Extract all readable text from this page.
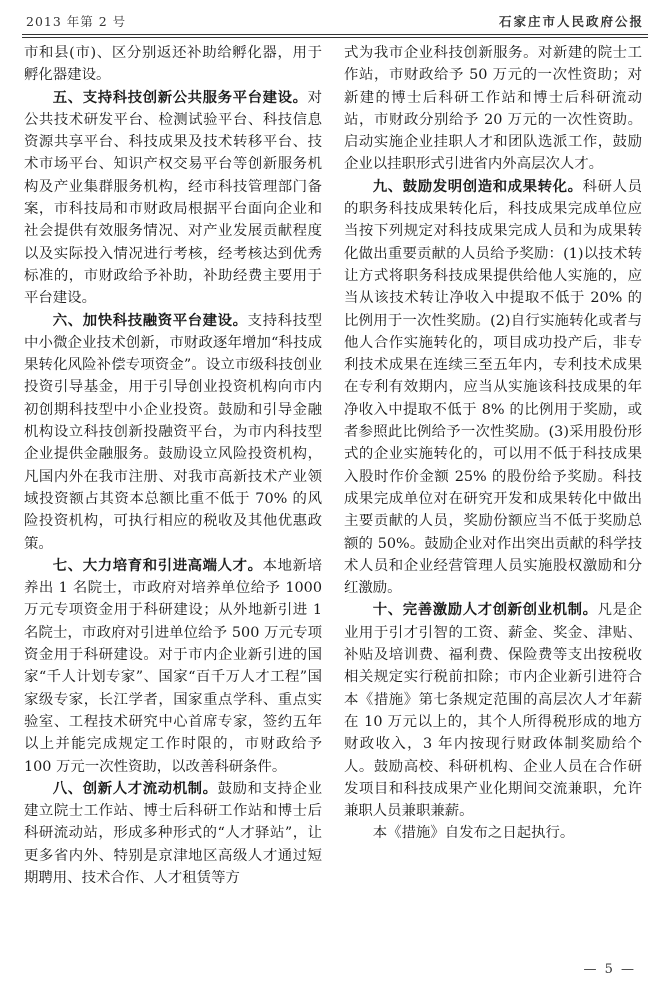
2013 年第 2 号	石家庄市人民政府公报

市和县(市)、区分别返还补助给孵化器，用于孵化器建设。

五、支持科技创新公共服务平台建设。对公共技术研发平台、检测试验平台、科技信息资源共享平台、科技成果及技术转移平台、技术市场平台、知识产权交易平台等创新服务机构及产业集群服务机构，经市科技管理部门备案，市科技局和市财政局根据平台面向企业和社会提供有效服务情况、对产业发展贡献程度以及实际投入情况进行考核，经考核达到优秀标准的，市财政给予补助，补助经费主要用于平台建设。

六、加快科技融资平台建设。支持科技型中小微企业技术创新，市财政逐年增加“科技成果转化风险补偿专项资金”。设立市级科技创业投资引导基金，用于引导创业投资机构向市内初创期科技型中小企业投资。鼓励和引导金融机构设立科技创新投融资平台，为市内科技型企业提供金融服务。鼓励设立风险投资机构，凡国内外在我市注册、对我市高新技术产业领域投资额占其资本总额比重不低于 70% 的风险投资机构，可执行相应的税收及其他优惠政策。

七、大力培育和引进高端人才。本地新培养出 1 名院士，市政府对培养单位给予 1000 万元专项资金用于科研建设；从外地新引进 1 名院士，市政府对引进单位给予 500 万元专项资金用于科研建设。对于市内企业新引进的国家“千人计划专家”、国家“百千万人才工程”国家级专家，长江学者，国家重点学科、重点实验室、工程技术研究中心首席专家，签约五年以上并能完成规定工作时限的，市财政给予 100 万元一次性资助，以改善科研条件。

八、创新人才流动机制。鼓励和支持企业建立院士工作站、博士后科研工作站和博士后科研流动站，形成多种形式的“人才驿站”，让更多省内外、特别是京津地区高级人才通过短期聘用、技术合作、人才租赁等方

式为我市企业科技创新服务。对新建的院士工作站，市财政给予 50 万元的一次性资助；对新建的博士后科研工作站和博士后科研流动站，市财政分别给予 20 万元的一次性资助。启动实施企业挂职人才和团队选派工作，鼓励企业以挂职形式引进省内外高层次人才。

九、鼓励发明创造和成果转化。科研人员的职务科技成果转化后，科技成果完成单位应当按下列规定对科技成果完成人员和为成果转化做出重要贡献的人员给予奖励：(1)以技术转让方式将职务科技成果提供给他人实施的，应当从该技术转让净收入中提取不低于 20% 的比例用于一次性奖励。(2)自行实施转化或者与他人合作实施转化的，项目成功投产后，非专利技术成果在连续三至五年内，专利技术成果在专利有效期内，应当从实施该科技成果的年净收入中提取不低于 8% 的比例用于奖励，或者参照此比例给予一次性奖励。(3)采用股份形式的企业实施转化的，可以用不低于科技成果入股时作价金额 25% 的股份给予奖励。科技成果完成单位对在研究开发和成果转化中做出主要贡献的人员，奖励份额应当不低于奖励总额的 50%。鼓励企业对作出突出贡献的科学技术人员和企业经营管理人员实施股权激励和分红激励。

十、完善激励人才创新创业机制。凡是企业用于引才引智的工资、薪金、奖金、津贴、补贴及培训费、福利费、保险费等支出按税收相关规定实行税前扣除；市内企业新引进符合本《措施》第七条规定范围的高层次人才年薪在 10 万元以上的，其个人所得税形成的地方财政收入，3 年内按现行财政体制奖励给个人。鼓励高校、科研机构、企业人员在合作研发项目和科技成果产业化期间交流兼职，允许兼职人员兼职兼薪。

本《措施》自发布之日起执行。

— 5 —
